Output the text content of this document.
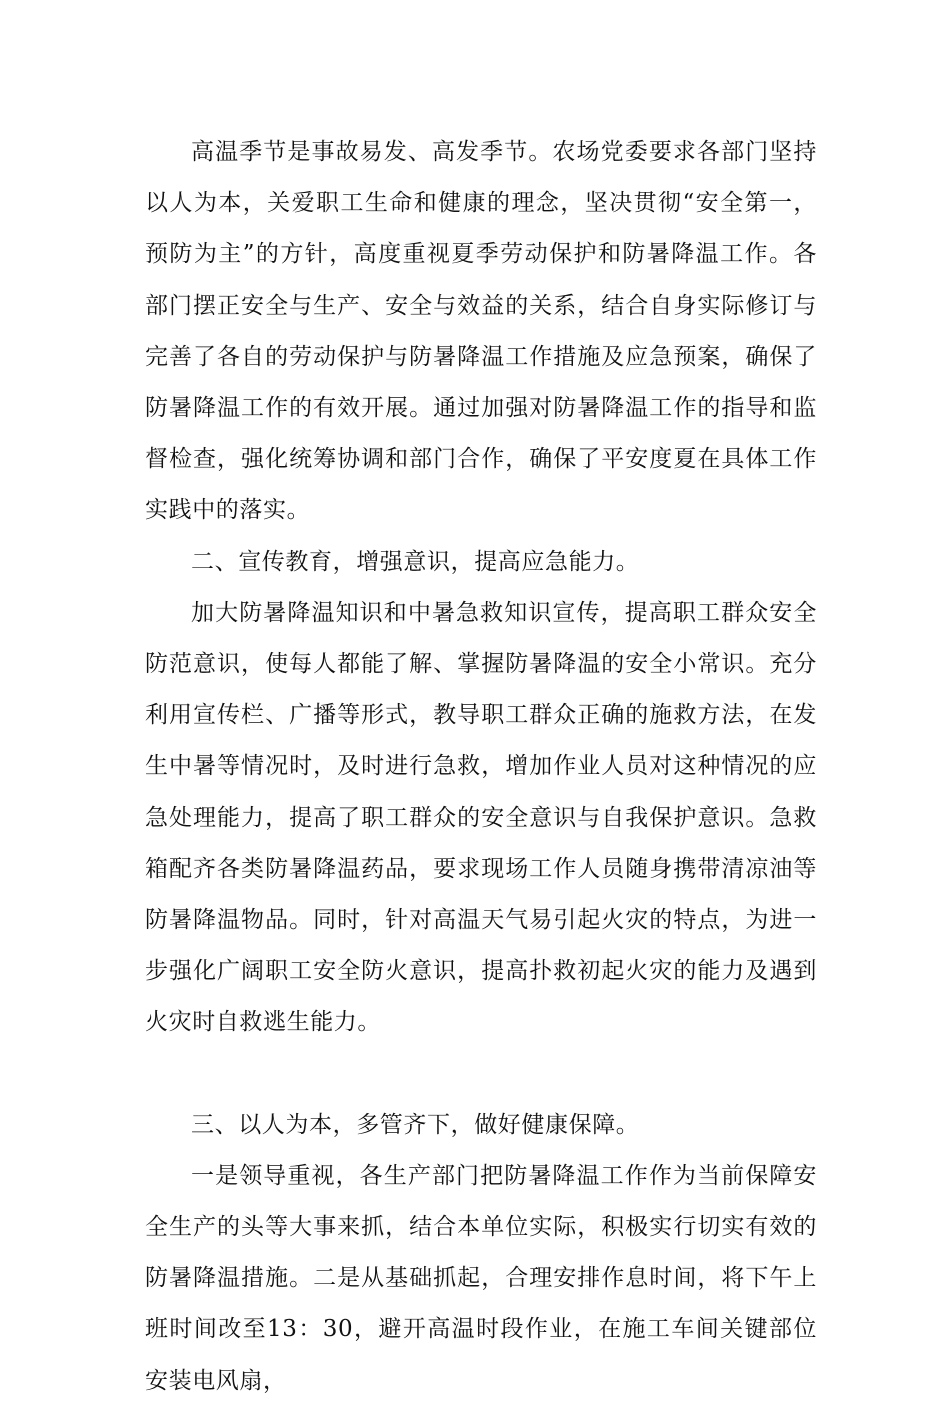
高温季节是事故易发、高发季节。农场党委要求各部门坚持以人为本，关爱职工生命和健康的理念，坚决贯彻“安全第一，预防为主”的方针，高度重视夏季劳动保护和防暑降温工作。各部门摆正安全与生产、安全与效益的关系，结合自身实际修订与完善了各自的劳动保护与防暑降温工作措施及应急预案，确保了防暑降温工作的有效开展。通过加强对防暑降温工作的指导和监督检查，强化统筹协调和部门合作，确保了平安度夏在具体工作实践中的落实。

二、宣传教育，增强意识，提高应急能力。

加大防暑降温知识和中暑急救知识宣传，提高职工群众安全防范意识，使每人都能了解、掌握防暑降温的安全小常识。充分利用宣传栏、广播等形式，教导职工群众正确的施救方法，在发生中暑等情况时，及时进行急救，增加作业人员对这种情况的应急处理能力，提高了职工群众的安全意识与自我保护意识。急救箱配齐各类防暑降温药品，要求现场工作人员随身携带清凉油等防暑降温物品。同时，针对高温天气易引起火灾的特点，为进一步强化广阔职工安全防火意识，提高扑救初起火灾的能力及遇到火灾时自救逃生能力。

三、以人为本，多管齐下，做好健康保障。

一是领导重视，各生产部门把防暑降温工作作为当前保障安全生产的头等大事来抓，结合本单位实际，积极实行切实有效的防暑降温措施。二是从基础抓起，合理安排作息时间，将下午上班时间改至13：30，避开高温时段作业，在施工车间关键部位安装电风扇，
